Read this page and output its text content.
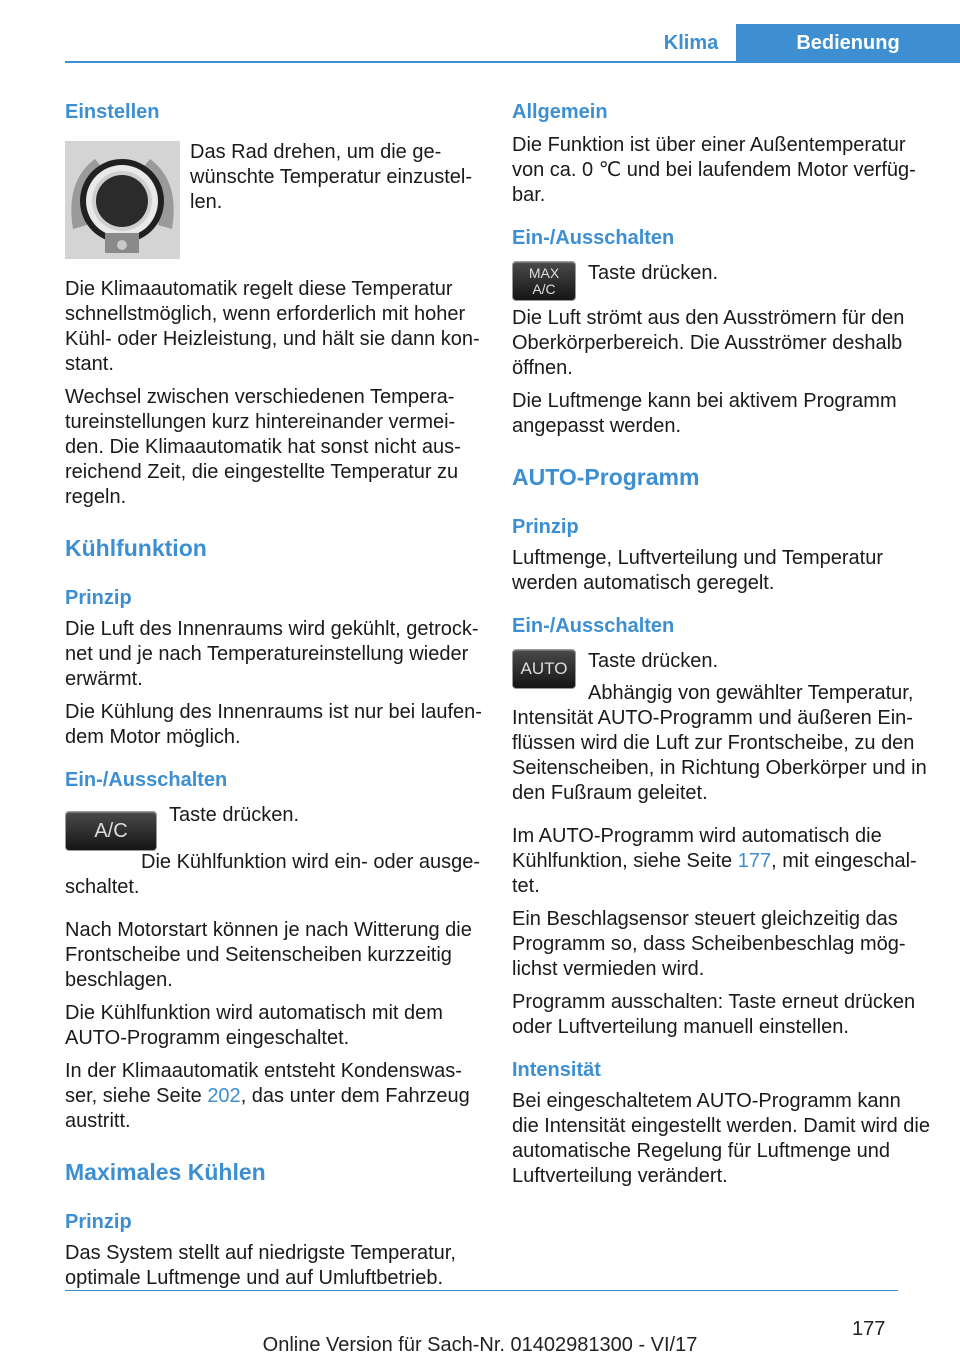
Klima	Bedienung
Einstellen

Das Rad drehen, um die ge‐wünschte Temperatur einzustel‐len.

Die Klimaautomatik regelt diese Temperatur schnellstmöglich, wenn erforderlich mit hoher Kühl- oder Heizleistung, und hält sie dann kon‐stant.

Wechsel zwischen verschiedenen Tempera‐tureinstellungen kurz hintereinander vermei‐den. Die Klimaautomatik hat sonst nicht aus‐reichend Zeit, die eingestellte Temperatur zu regeln.

Kühlfunktion
Prinzip

Die Luft des Innenraums wird gekühlt, getrock‐net und je nach Temperatureinstellung wieder erwärmt.

Die Kühlung des Innenraums ist nur bei laufen‐dem Motor möglich.

Ein-/Ausschalten
A/C

Taste drücken.

Die Kühlfunktion wird ein- oder ausge‐schaltet.

Nach Motorstart können je nach Witterung die Frontscheibe und Seitenscheiben kurzzeitig beschlagen.

Die Kühlfunktion wird automatisch mit dem AUTO-Programm eingeschaltet.

In der Klimaautomatik entsteht Kondenswas‐ser, siehe Seite 202, das unter dem Fahrzeug austritt.

Maximales Kühlen
Prinzip

Das System stellt auf niedrigste Temperatur, optimale Luftmenge und auf Umluftbetrieb.

Allgemein

Die Funktion ist über einer Außentemperatur von ca. 0 ℃ und bei laufendem Motor verfüg‐bar.

Ein-/Ausschalten
MAX
A/C

Taste drücken.

Die Luft strömt aus den Ausströmern für den Oberkörperbereich. Die Ausströmer deshalb öffnen.

Die Luftmenge kann bei aktivem Programm angepasst werden.

AUTO-Programm
Prinzip

Luftmenge, Luftverteilung und Temperatur werden automatisch geregelt.

Ein-/Ausschalten
AUTO	Taste drücken.

Abhängig von gewählter Temperatur,

Intensität AUTO-Programm und äußeren Ein‐flüssen wird die Luft zur Frontscheibe, zu den Seitenscheiben, in Richtung Oberkörper und in den Fußraum geleitet.

Im AUTO-Programm wird automatisch die Kühlfunktion, siehe Seite 177, mit eingeschal‐tet.

Ein Beschlagsensor steuert gleichzeitig das Programm so, dass Scheibenbeschlag mög‐lichst vermieden wird.

Programm ausschalten: Taste erneut drücken oder Luftverteilung manuell einstellen.

Intensität

Bei eingeschaltetem AUTO-Programm kann die Intensität eingestellt werden. Damit wird die automatische Regelung für Luftmenge und Luftverteilung verändert.

177
Online Version für Sach-Nr. 01402981300 - VI/17
